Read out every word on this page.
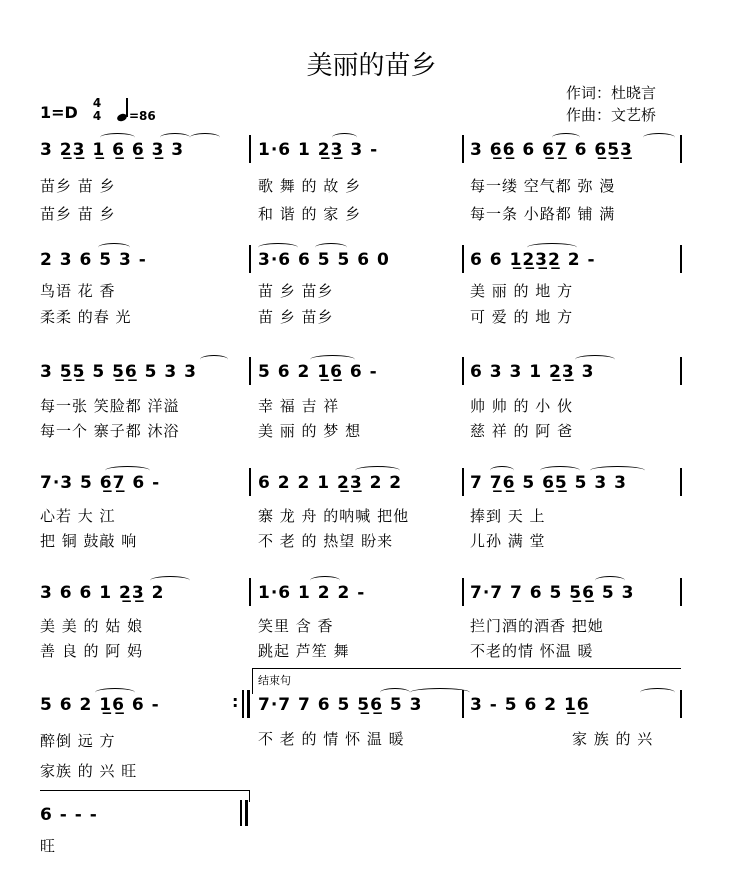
美丽的苗乡
作词：杜晓言
作曲：文艺桥
1=D 4
4 =86
3 2̲3̲ 1̲ 6̲ 6̲ 3̲ 3	1·6 1 2̲3̲ 3 -	3 6̲6̲ 6 6̲7̲ 6 6̲5̲3̲
苗乡 苗 乡	歌 舞 的 故 乡	每一缕 空气都 弥 漫
苗乡 苗 乡	和 谐 的 家 乡	每一条 小路都 铺 满
2 3 6 5 3 -	3·6 6 5 5 6 0	6 6 1̲2̲3̲2̲ 2 -
鸟语 花 香	苗 乡 苗乡	美 丽 的 地 方
柔柔 的春 光	苗 乡 苗乡	可 爱 的 地 方
3 5̲5̲ 5 5̲6̲ 5 3 3	5 6 2 1̲6̲ 6 -	6 3 3 1 2̲3̲ 3
每一张 笑脸都 洋溢	幸 福 吉 祥	帅 帅 的 小 伙
每一个 寨子都 沐浴	美 丽 的 梦 想	慈 祥 的 阿 爸
7·3 5 6̲7̲ 6 -	6 2 2 1 2̲3̲ 2 2	7 7̲6̲ 5 6̲5̲ 5 3 3
心若 大 江	寨 龙 舟 的呐喊 把他	捧到 天 上
把 铜 鼓敲 响	不 老 的 热望 盼来	儿孙 满 堂
3 6 6 1 2̲3̲ 2	1·6 1 2 2 -	7·7 7 6 5 5̲6̲ 5 3
美 美 的 姑 娘	笑里 含 香	拦门酒的酒香 把她
善 良 的 阿 妈	跳起 芦笙 舞	不老的情 怀温 暖
结束句
5 6 2 1̲6̲ 6 -	7·7 7 6 5 5̲6̲ 5 3	3 - 5 6 2 1̲6̲
:
醉倒 远 方	不 老 的 情 怀 温 暖	家 族 的 兴
家族 的 兴 旺
6 - - -
旺
